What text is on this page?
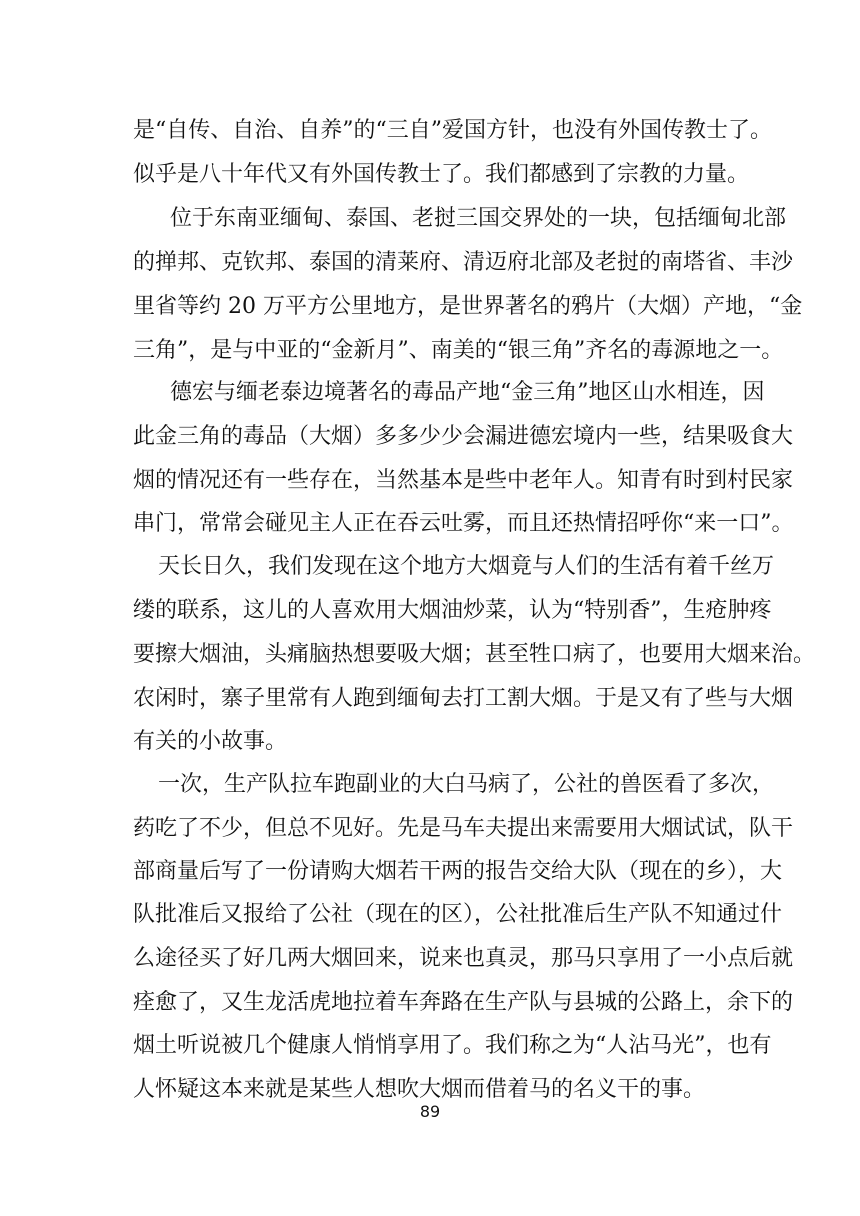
是“自传、自治、自养”的“三自”爱国方针，也没有外国传教士了。
似乎是八十年代又有外国传教士了。我们都感到了宗教的力量。
位于东南亚缅甸、泰国、老挝三国交界处的一块，包括缅甸北部
的掸邦、克钦邦、泰国的清莱府、清迈府北部及老挝的南塔省、丰沙
里省等约 20 万平方公里地方，是世界著名的鸦片（大烟）产地，“金
三角”，是与中亚的“金新月”、南美的“银三角”齐名的毒源地之一。
德宏与缅老泰边境著名的毒品产地“金三角”地区山水相连，因
此金三角的毒品（大烟）多多少少会漏进德宏境内一些，结果吸食大
烟的情况还有一些存在，当然基本是些中老年人。知青有时到村民家
串门，常常会碰见主人正在吞云吐雾，而且还热情招呼你“来一口”。
天长日久，我们发现在这个地方大烟竟与人们的生活有着千丝万
缕的联系，这儿的人喜欢用大烟油炒菜，认为“特别香”，生疮肿疼
要擦大烟油，头痛脑热想要吸大烟；甚至牲口病了，也要用大烟来治。
农闲时，寨子里常有人跑到缅甸去打工割大烟。于是又有了些与大烟
有关的小故事。
一次，生产队拉车跑副业的大白马病了，公社的兽医看了多次，
药吃了不少，但总不见好。先是马车夫提出来需要用大烟试试，队干
部商量后写了一份请购大烟若干两的报告交给大队（现在的乡），大
队批准后又报给了公社（现在的区），公社批准后生产队不知通过什
么途径买了好几两大烟回来，说来也真灵，那马只享用了一小点后就
痊愈了，又生龙活虎地拉着车奔路在生产队与县城的公路上，余下的
烟土听说被几个健康人悄悄享用了。我们称之为“人沾马光”，也有
人怀疑这本来就是某些人想吹大烟而借着马的名义干的事。
89
